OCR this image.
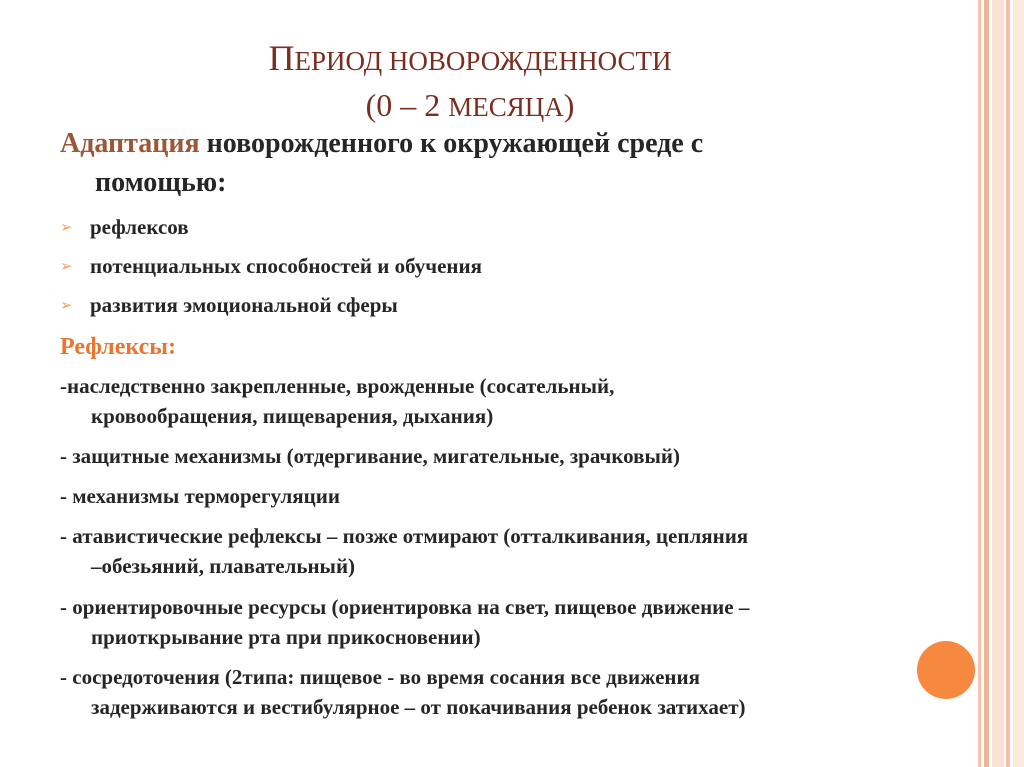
ПЕРИОД НОВОРОЖДЕННОСТИ
(0 – 2 МЕСЯЦА)
Адаптация новорожденного к окружающей среде с
помощью:
➢ рефлексов
➢ потенциальных способностей и обучения
➢ развития эмоциональной сферы
Рефлексы:
-наследственно закрепленные, врожденные (сосательный,
кровообращения, пищеварения, дыхания)
- защитные механизмы (отдергивание, мигательные, зрачковый)
- механизмы терморегуляции
- атавистические рефлексы – позже отмирают (отталкивания, цепляния
–обезьяний, плавательный)
- ориентировочные ресурсы (ориентировка на свет, пищевое движение –
приоткрывание рта при прикосновении)
- сосредоточения (2типа: пищевое - во время сосания все движения
задерживаются и вестибулярное – от покачивания ребенок затихает)
